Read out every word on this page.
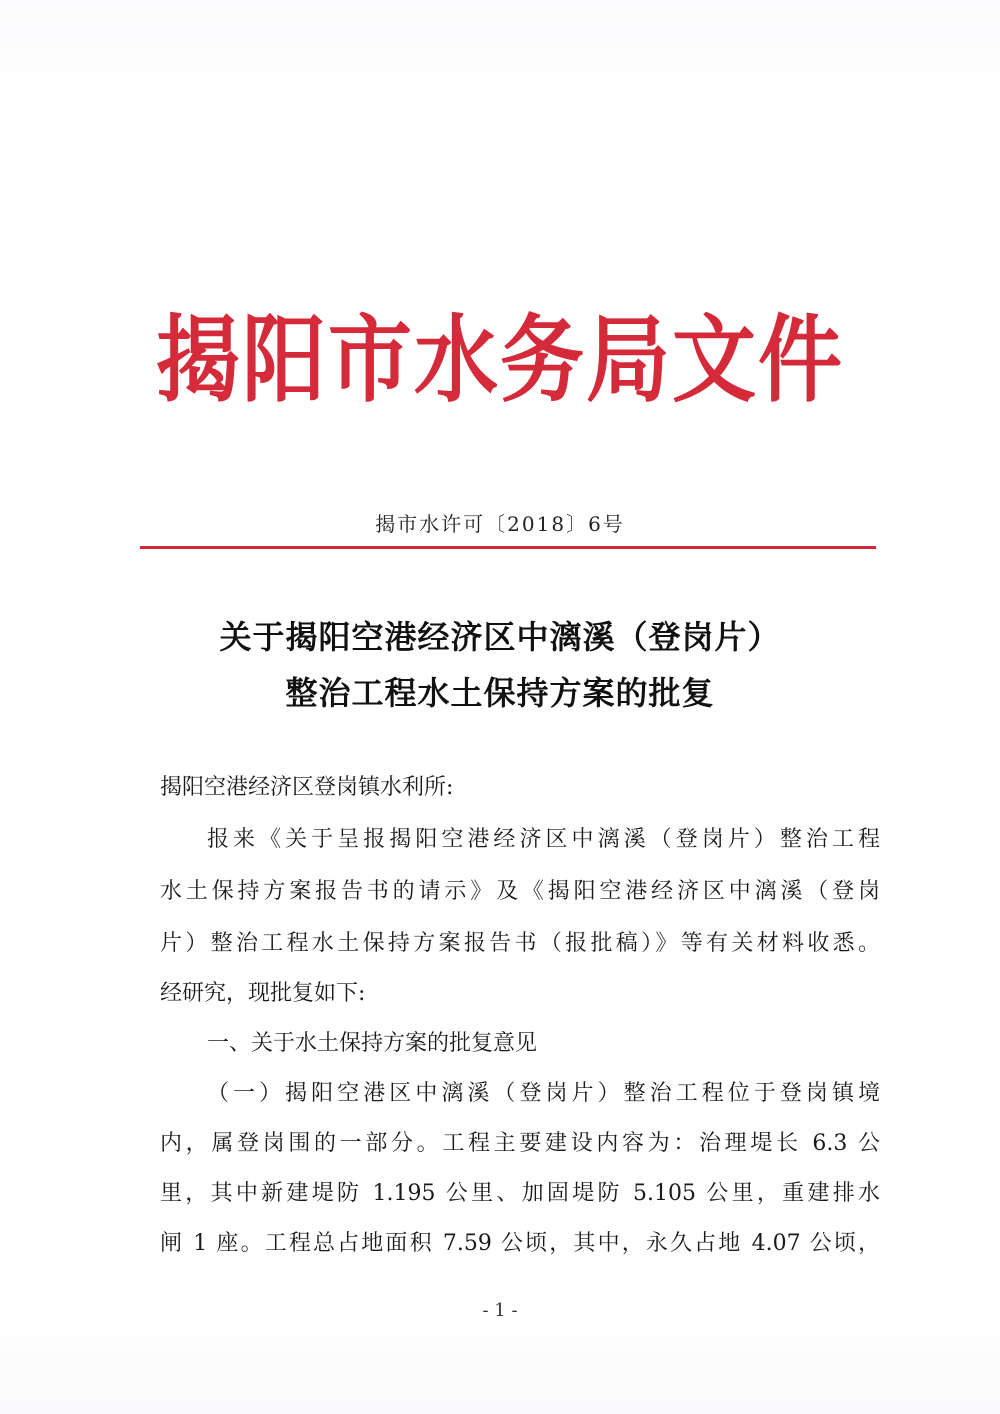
揭阳市水务局文件
揭市水许可〔2018〕6号
关于揭阳空港经济区中漓溪（登岗片）
整治工程水土保持方案的批复
揭阳空港经济区登岗镇水利所:
报来《关于呈报揭阳空港经济区中漓溪（登岗片）整治工程
水土保持方案报告书的请示》及《揭阳空港经济区中漓溪（登岗
片）整治工程水土保持方案报告书（报批稿）》等有关材料收悉。
经研究，现批复如下:
一、关于水土保持方案的批复意见
（一）揭阳空港区中漓溪（登岗片）整治工程位于登岗镇境
内，属登岗围的一部分。工程主要建设内容为：治理堤长 6.3 公
里，其中新建堤防 1.195 公里、加固堤防 5.105 公里，重建排水
闸 1 座。工程总占地面积 7.59 公顷，其中，永久占地 4.07 公顷，
- 1 -
